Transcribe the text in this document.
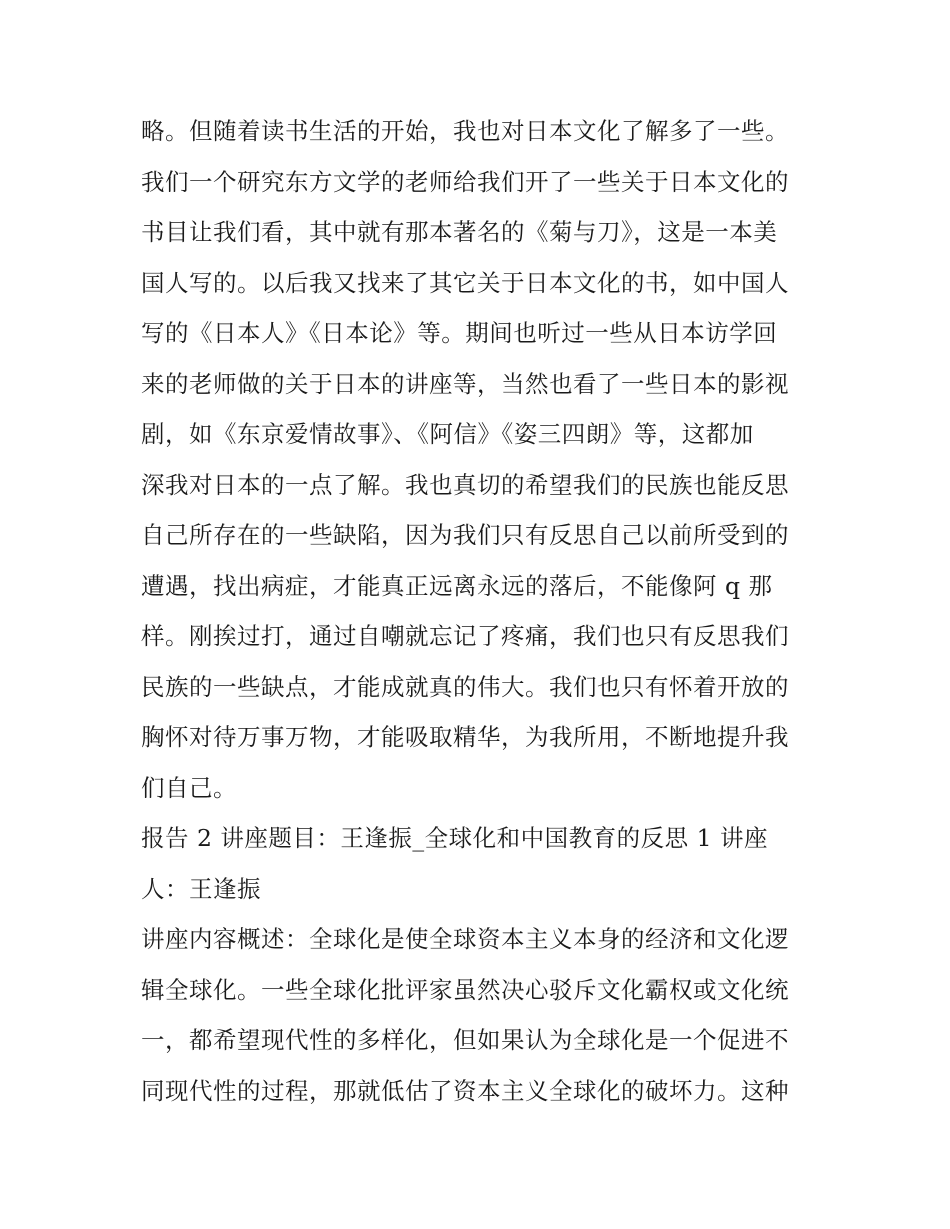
略。但随着读书生活的开始，我也对日本文化了解多了一些。
我们一个研究东方文学的老师给我们开了一些关于日本文化的
书目让我们看，其中就有那本著名的《菊与刀》，这是一本美
国人写的。以后我又找来了其它关于日本文化的书，如中国人
写的《日本人》《日本论》等。期间也听过一些从日本访学回
来的老师做的关于日本的讲座等，当然也看了一些日本的影视
剧，如《东京爱情故事》、《阿信》《姿三四朗》等，这都加
深我对日本的一点了解。我也真切的希望我们的民族也能反思
自己所存在的一些缺陷，因为我们只有反思自己以前所受到的
遭遇，找出病症，才能真正远离永远的落后，不能像阿 q 那
样。刚挨过打，通过自嘲就忘记了疼痛，我们也只有反思我们
民族的一些缺点，才能成就真的伟大。我们也只有怀着开放的
胸怀对待万事万物，才能吸取精华，为我所用，不断地提升我
们自己。
报告 2 讲座题目：王逢振_全球化和中国教育的反思 1 讲座
人：王逢振
讲座内容概述：全球化是使全球资本主义本身的经济和文化逻
辑全球化。一些全球化批评家虽然决心驳斥文化霸权或文化统
一，都希望现代性的多样化，但如果认为全球化是一个促进不
同现代性的过程，那就低估了资本主义全球化的破坏力。这种
